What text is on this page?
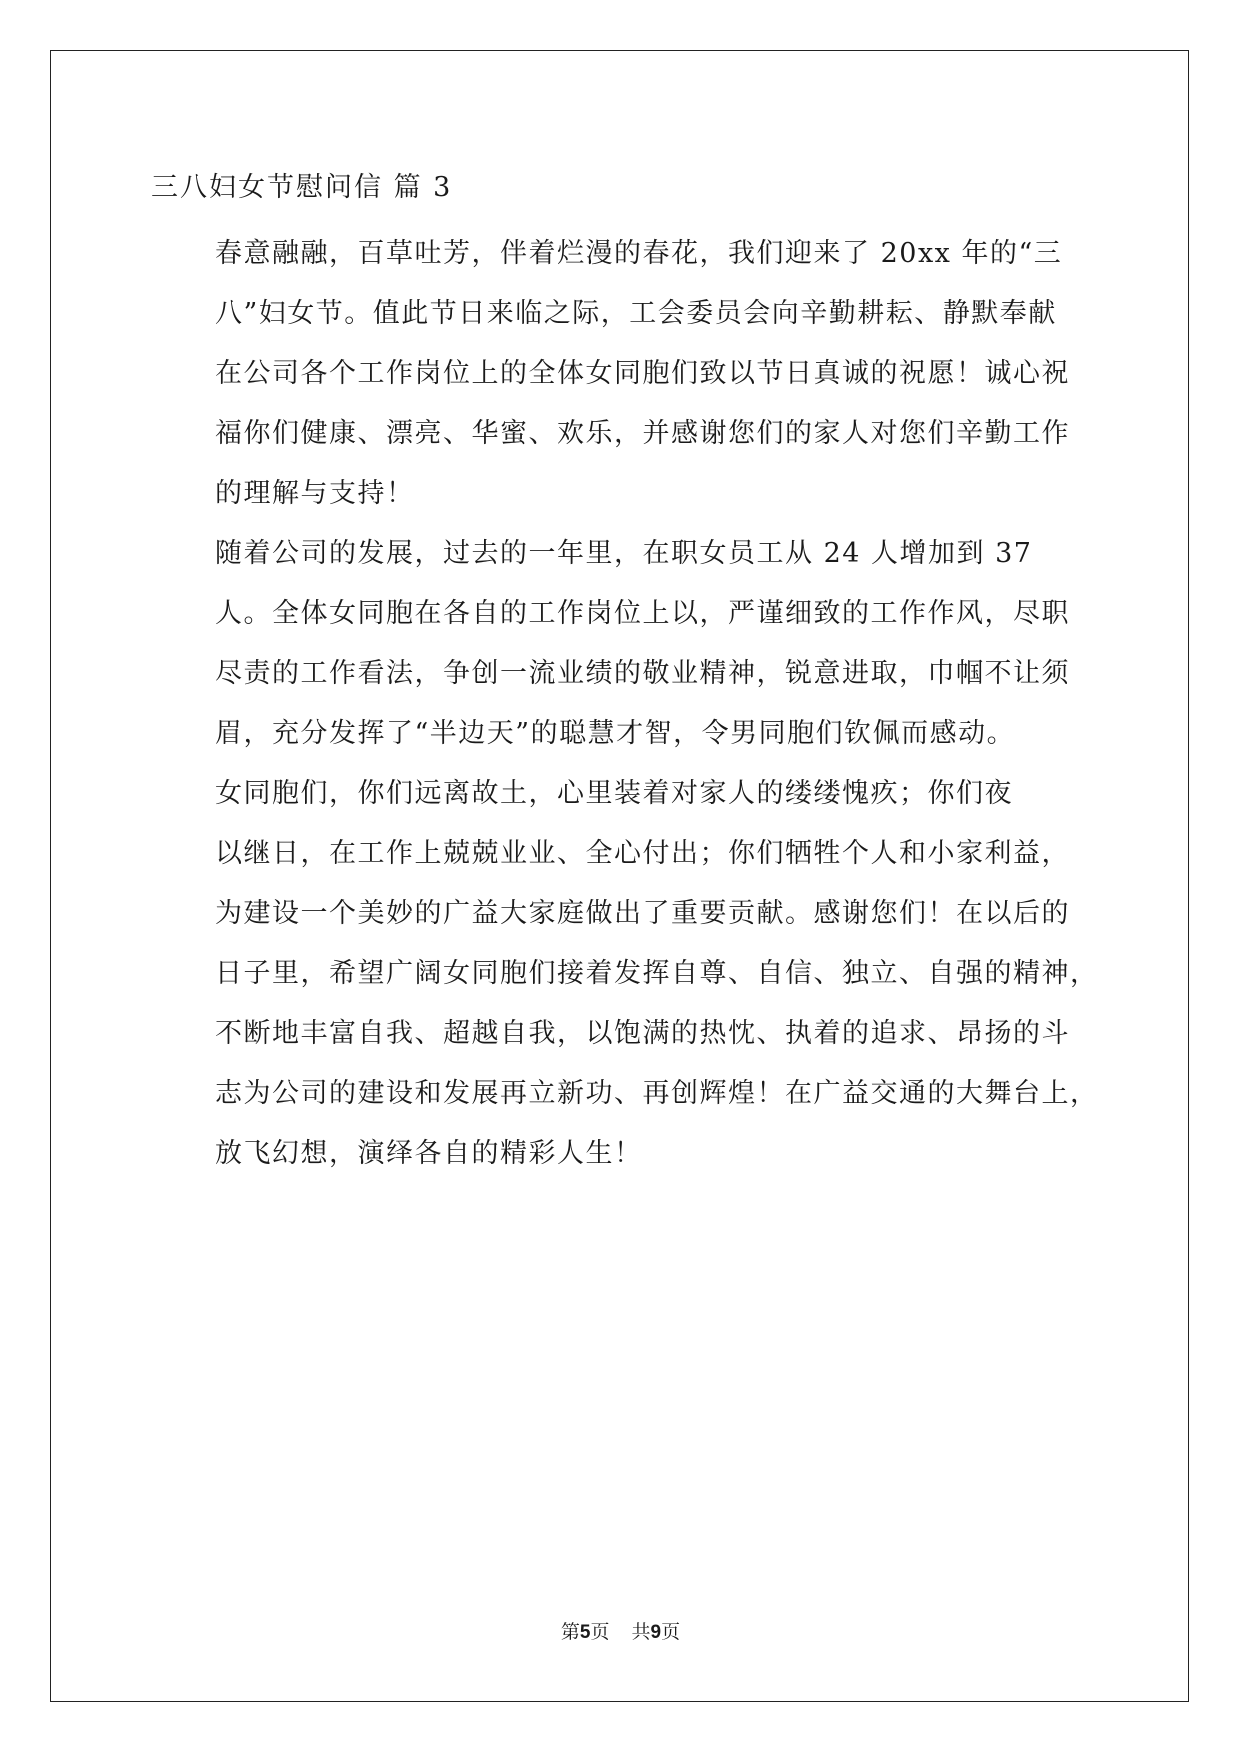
三八妇女节慰问信 篇 3

春意融融，百草吐芳，伴着烂漫的春花，我们迎来了 20xx 年的“三
八”妇女节。值此节日来临之际，工会委员会向辛勤耕耘、静默奉献
在公司各个工作岗位上的全体女同胞们致以节日真诚的祝愿！诚心祝
福你们健康、漂亮、华蜜、欢乐，并感谢您们的家人对您们辛勤工作
的理解与支持！

随着公司的发展，过去的一年里，在职女员工从 24 人增加到 37
人。全体女同胞在各自的工作岗位上以，严谨细致的工作作风，尽职
尽责的工作看法，争创一流业绩的敬业精神，锐意进取，巾帼不让须
眉，充分发挥了“半边天”的聪慧才智，令男同胞们钦佩而感动。

女同胞们，你们远离故土，心里装着对家人的缕缕愧疚；你们夜
以继日，在工作上兢兢业业、全心付出；你们牺牲个人和小家利益，
为建设一个美妙的广益大家庭做出了重要贡献。感谢您们！在以后的
日子里，希望广阔女同胞们接着发挥自尊、自信、独立、自强的精神，
不断地丰富自我、超越自我，以饱满的热忱、执着的追求、昂扬的斗
志为公司的建设和发展再立新功、再创辉煌！在广益交通的大舞台上，
放飞幻想，演绎各自的精彩人生！

第5页 共9页
